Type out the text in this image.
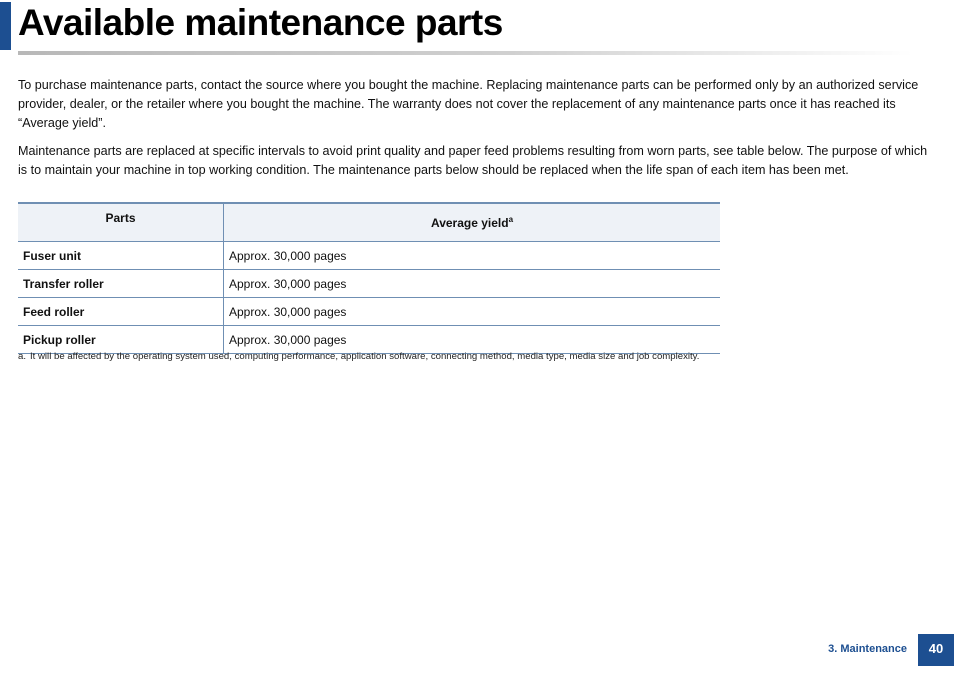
Available maintenance parts

To purchase maintenance parts, contact the source where you bought the machine. Replacing maintenance parts can be performed only by an authorized service provider, dealer, or the retailer where you bought the machine. The warranty does not cover the replacement of any maintenance parts once it has reached its “Average yield”.

Maintenance parts are replaced at specific intervals to avoid print quality and paper feed problems resulting from worn parts, see table below. The purpose of which is to maintain your machine in top working condition. The maintenance parts below should be replaced when the life span of each item has been met.

Parts	Average yield$^a$
Fuser unit	Approx. 30,000 pages
Transfer roller	Approx. 30,000 pages
Feed roller	Approx. 30,000 pages
Pickup roller	Approx. 30,000 pages
a. It will be affected by the operating system used, computing performance, application software, connecting method, media type, media size and job complexity.
3. Maintenance	40
